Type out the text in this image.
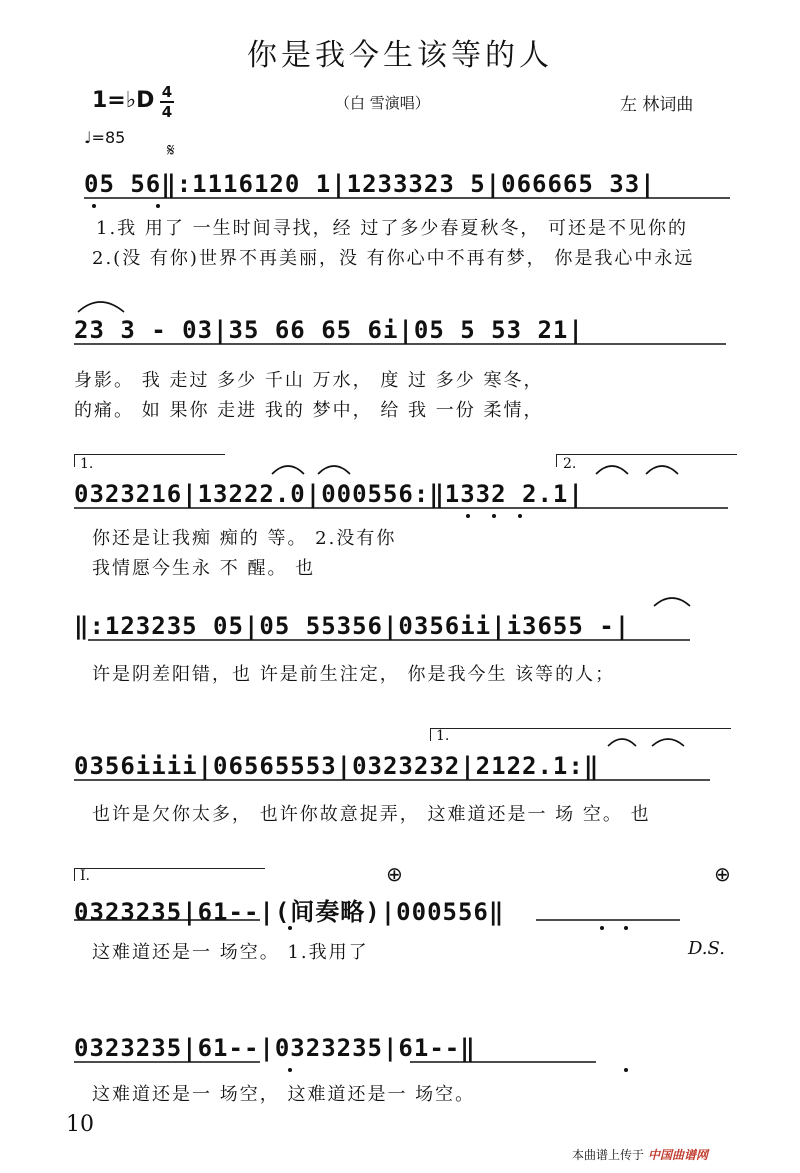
你是我今生该等的人
1=♭D 4
4	（白 雪演唱）	左 林词曲
♩=85
𝄋
05 56‖:1116120 1|1233323 5|066665 33|
1.我 用了 一生时间寻找，经 过了多少春夏秋冬， 可还是不见你的
2.(没 有你)世界不再美丽，没 有你心中不再有梦， 你是我心中永远
23 3 - 03|35 66 65 6i|05 5 53 21|
身影。 我 走过 多少 千山 万水， 度 过 多少 寒冬，
的痛。 如 果你 走进 我的 梦中， 给 我 一份 柔情，
1.	2.
0323216|13222.0|000556:‖1332 2.1|
你还是让我痴 痴的 等。 2.没有你
我情愿今生永 不 醒。 也
‖:123235 05|05 55356|0356ii|i3655 -|
许是阴差阳错，也 许是前生注定， 你是我今生 该等的人；
1.
0356iiii|06565553|0323232|2122.1:‖
也许是欠你太多， 也许你故意捉弄， 这难道还是一 场 空。 也
Ⅰ.	⊕	⊕
0323235|61--|(间奏略)|000556‖
这难道还是一 场空。 1.我用了	D.S.
0323235|61--|0323235|61--‖
这难道还是一 场空， 这难道还是一 场空。
10
本曲谱上传于 中国曲谱网
